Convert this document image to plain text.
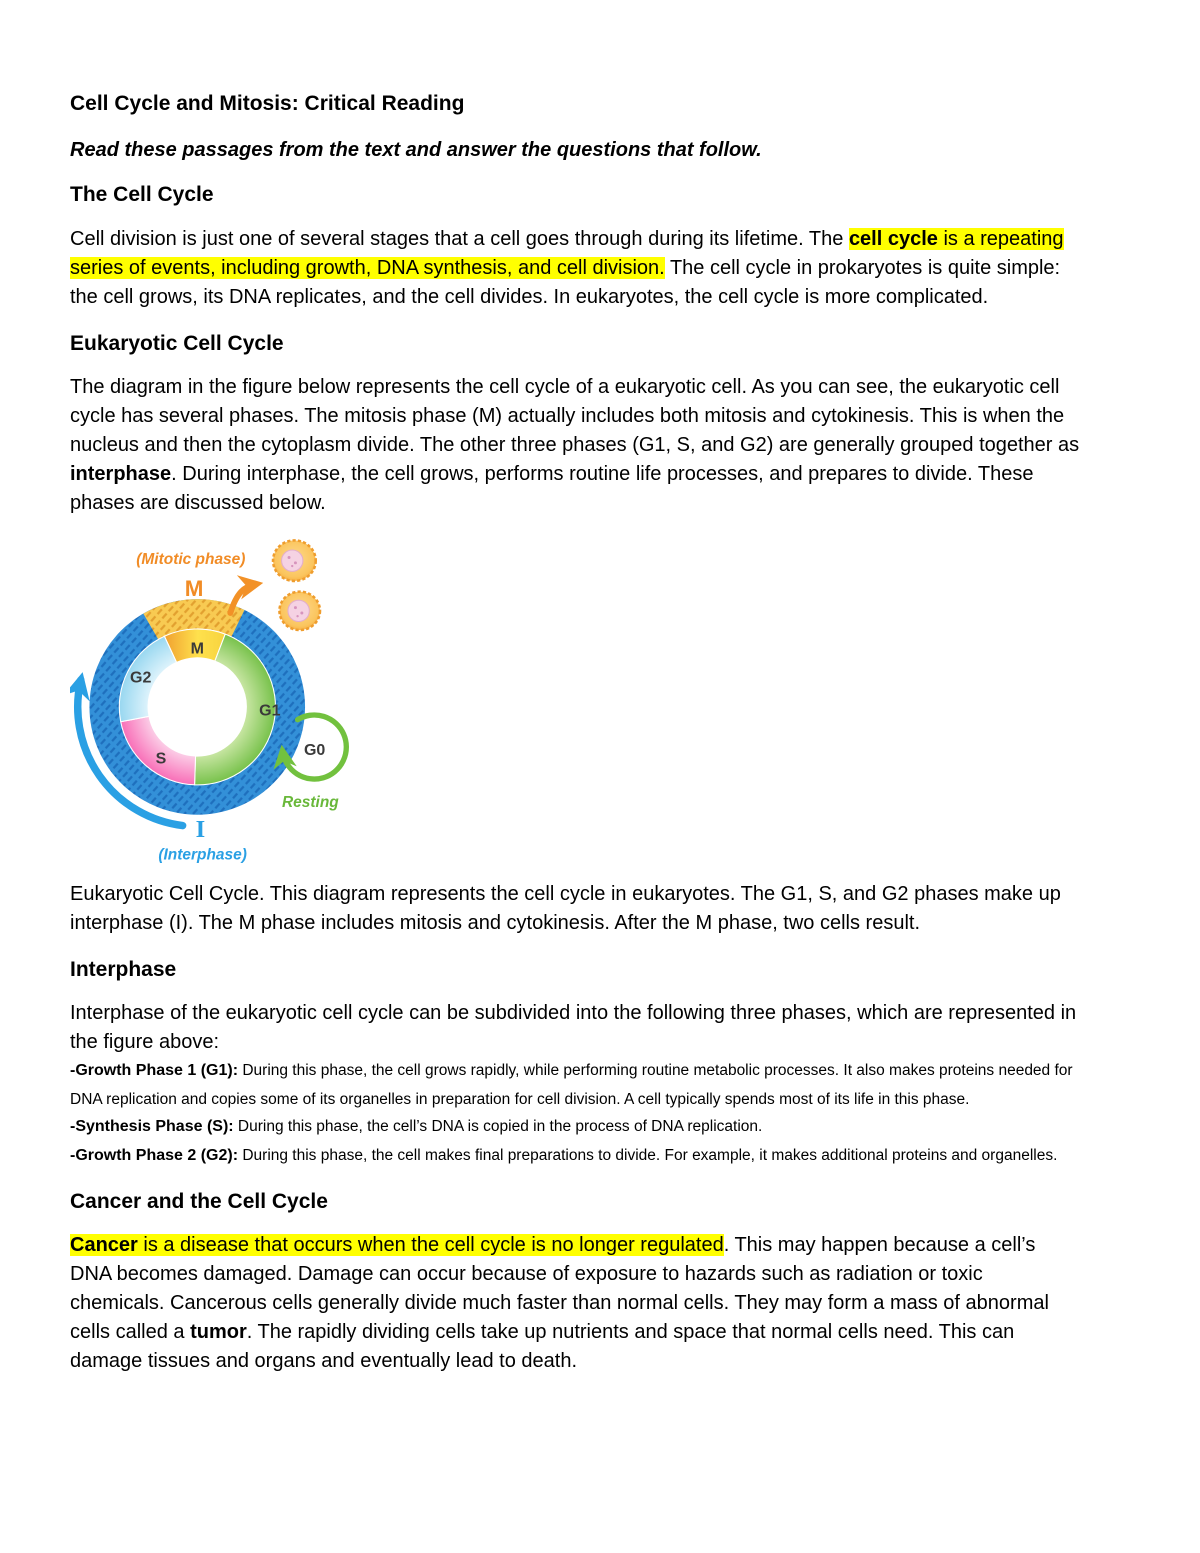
Cell Cycle and Mitosis: Critical Reading

Read these passages from the text and answer the questions that follow.

The Cell Cycle

Cell division is just one of several stages that a cell goes through during its lifetime. The cell cycle is a repeating series of events, including growth, DNA synthesis, and cell division. The cell cycle in prokaryotes is quite simple: the cell grows, its DNA replicates, and the cell divides. In eukaryotes, the cell cycle is more complicated.

Eukaryotic Cell Cycle

The diagram in the figure below represents the cell cycle of a eukaryotic cell. As you can see, the eukaryotic cell cycle has several phases. The mitosis phase (M) actually includes both mitosis and cytokinesis. This is when the nucleus and then the cytoplasm divide. The other three phases (G1, S, and G2) are generally grouped together as interphase. During interphase, the cell grows, performs routine life processes, and prepares to divide. These phases are discussed below.

M
G1
S
G2
(Mitotic phase)
M
G0
Resting
I
(Interphase)

Eukaryotic Cell Cycle. This diagram represents the cell cycle in eukaryotes. The G1, S, and G2 phases make up interphase (I). The M phase includes mitosis and cytokinesis. After the M phase, two cells result.

Interphase

Interphase of the eukaryotic cell cycle can be subdivided into the following three phases, which are represented in the figure above:

-Growth Phase 1 (G1): During this phase, the cell grows rapidly, while performing routine metabolic processes. It also makes proteins needed for DNA replication and copies some of its organelles in preparation for cell division. A cell typically spends most of its life in this phase.

-Synthesis Phase (S): During this phase, the cell’s DNA is copied in the process of DNA replication.

-Growth Phase 2 (G2): During this phase, the cell makes final preparations to divide. For example, it makes additional proteins and organelles.

Cancer and the Cell Cycle

Cancer is a disease that occurs when the cell cycle is no longer regulated. This may happen because a cell’s DNA becomes damaged. Damage can occur because of exposure to hazards such as radiation or toxic chemicals. Cancerous cells generally divide much faster than normal cells. They may form a mass of abnormal cells called a tumor. The rapidly dividing cells take up nutrients and space that normal cells need. This can damage tissues and organs and eventually lead to death.
